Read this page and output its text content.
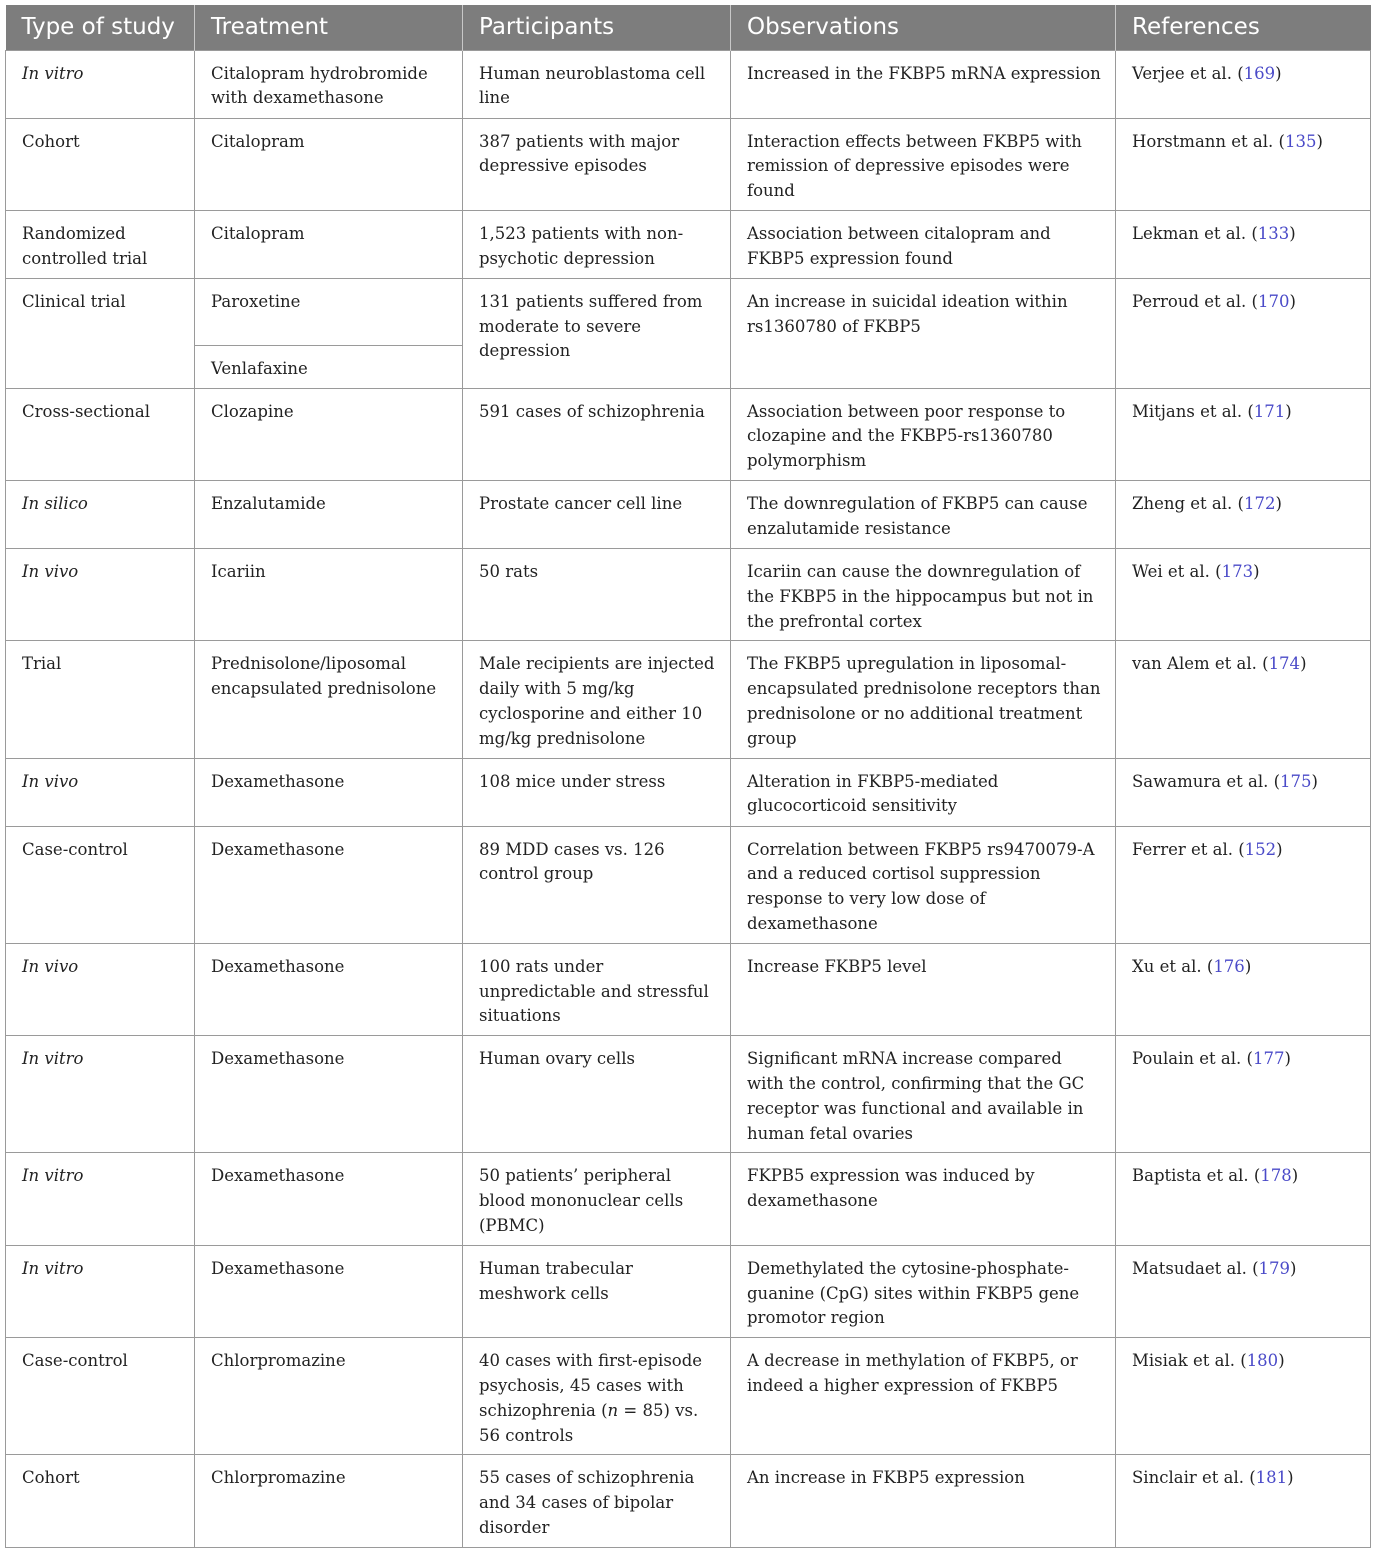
Type of study	Treatment	Participants	Observations	References
In vitro	Citalopram hydrobromide with dexamethasone	Human neuroblastoma cell line	Increased in the FKBP5 mRNA expression	Verjee et al. (169)
Cohort	Citalopram	387 patients with major depressive episodes	Interaction effects between FKBP5 with remission of depressive episodes were found	Horstmann et al. (135)
Randomized controlled trial	Citalopram	1,523 patients with non-psychotic depression	Association between citalopram and FKBP5 expression found	Lekman et al. (133)
Clinical trial	Paroxetine	131 patients suffered from moderate to severe depression	An increase in suicidal ideation within rs1360780 of FKBP5	Perroud et al. (170)
	Venlafaxine			
Cross-sectional	Clozapine	591 cases of schizophrenia	Association between poor response to clozapine and the FKBP5-rs1360780 polymorphism	Mitjans et al. (171)
In silico	Enzalutamide	Prostate cancer cell line	The downregulation of FKBP5 can cause enzalutamide resistance	Zheng et al. (172)
In vivo	Icariin	50 rats	Icariin can cause the downregulation of the FKBP5 in the hippocampus but not in the prefrontal cortex	Wei et al. (173)
Trial	Prednisolone/liposomal encapsulated prednisolone	Male recipients are injected daily with 5 mg/kg cyclosporine and either 10 mg/kg prednisolone	The FKBP5 upregulation in liposomal-encapsulated prednisolone receptors than prednisolone or no additional treatment group	van Alem et al. (174)
In vivo	Dexamethasone	108 mice under stress	Alteration in FKBP5-mediated glucocorticoid sensitivity	Sawamura et al. (175)
Case-control	Dexamethasone	89 MDD cases vs. 126 control group	Correlation between FKBP5 rs9470079-A and a reduced cortisol suppression response to very low dose of dexamethasone	Ferrer et al. (152)
In vivo	Dexamethasone	100 rats under unpredictable and stressful situations	Increase FKBP5 level	Xu et al. (176)
In vitro	Dexamethasone	Human ovary cells	Significant mRNA increase compared with the control, confirming that the GC receptor was functional and available in human fetal ovaries	Poulain et al. (177)
In vitro	Dexamethasone	50 patients’ peripheral blood mononuclear cells (PBMC)	FKPB5 expression was induced by dexamethasone	Baptista et al. (178)
In vitro	Dexamethasone	Human trabecular meshwork cells	Demethylated the cytosine-phosphate-guanine (CpG) sites within FKBP5 gene promotor region	Matsudaet al. (179)
Case-control	Chlorpromazine	40 cases with first-episode psychosis, 45 cases with schizophrenia (n = 85) vs. 56 controls	A decrease in methylation of FKBP5, or indeed a higher expression of FKBP5	Misiak et al. (180)
Cohort	Chlorpromazine	55 cases of schizophrenia and 34 cases of bipolar disorder	An increase in FKBP5 expression	Sinclair et al. (181)
